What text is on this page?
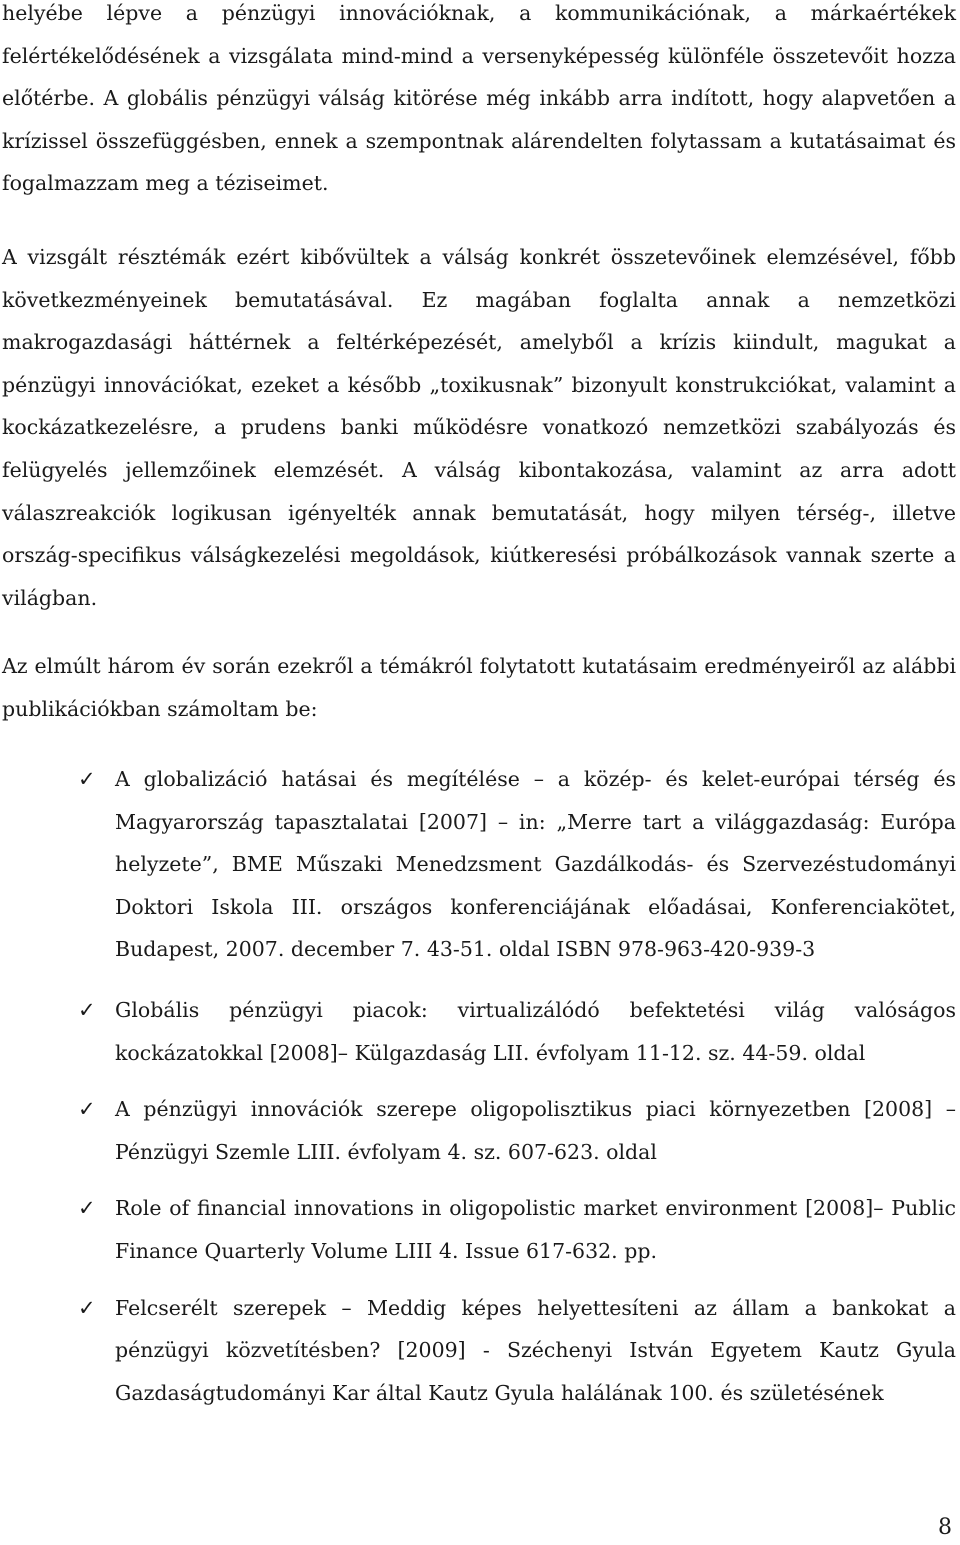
helyébe lépve a pénzügyi innovációknak, a kommunikációnak, a márkaértékek felértékelődésének a vizsgálata mind-mind a versenyképesség különféle összetevőit hozza előtérbe. A globális pénzügyi válság kitörése még inkább arra indított, hogy alapvetően a krízissel összefüggésben, ennek a szempontnak alárendelten folytassam a kutatásaimat és fogalmazzam meg a téziseimet.

A vizsgált résztémák ezért kibővültek a válság konkrét összetevőinek elemzésével, főbb következményeinek bemutatásával. Ez magában foglalta annak a nemzetközi makrogazdasági háttérnek a feltérképezését, amelyből a krízis kiindult, magukat a pénzügyi innovációkat, ezeket a később „toxikusnak” bizonyult konstrukciókat, valamint a kockázatkezelésre, a prudens banki működésre vonatkozó nemzetközi szabályozás és felügyelés jellemzőinek elemzését. A válság kibontakozása, valamint az arra adott válaszreakciók logikusan igényelték annak bemutatását, hogy milyen térség-, illetve ország-specifikus válságkezelési megoldások, kiútkeresési próbálkozások vannak szerte a világban.

Az elmúlt három év során ezekről a témákról folytatott kutatásaim eredményeiről az alábbi publikációkban számoltam be:

✓ A globalizáció hatásai és megítélése – a közép- és kelet-európai térség és Magyarország tapasztalatai [2007] – in: „Merre tart a világgazdaság: Európa helyzete”, BME Műszaki Menedzsment Gazdálkodás- és Szervezéstudományi Doktori Iskola III. országos konferenciájának előadásai, Konferenciakötet, Budapest, 2007. december 7. 43-51. oldal ISBN 978-963-420-939-3
✓ Globális pénzügyi piacok: virtualizálódó befektetési világ valóságos kockázatokkal [2008]– Külgazdaság LII. évfolyam 11-12. sz. 44-59. oldal
✓ A pénzügyi innovációk szerepe oligopolisztikus piaci környezetben [2008] – Pénzügyi Szemle LIII. évfolyam 4. sz. 607-623. oldal
✓ Role of financial innovations in oligopolistic market environment [2008]– Public Finance Quarterly Volume LIII 4. Issue 617-632. pp.
✓ Felcserélt szerepek – Meddig képes helyettesíteni az állam a bankokat a pénzügyi közvetítésben? [2009] - Széchenyi István Egyetem Kautz Gyula Gazdaságtudományi Kar által Kautz Gyula halálának 100. és születésének
8
